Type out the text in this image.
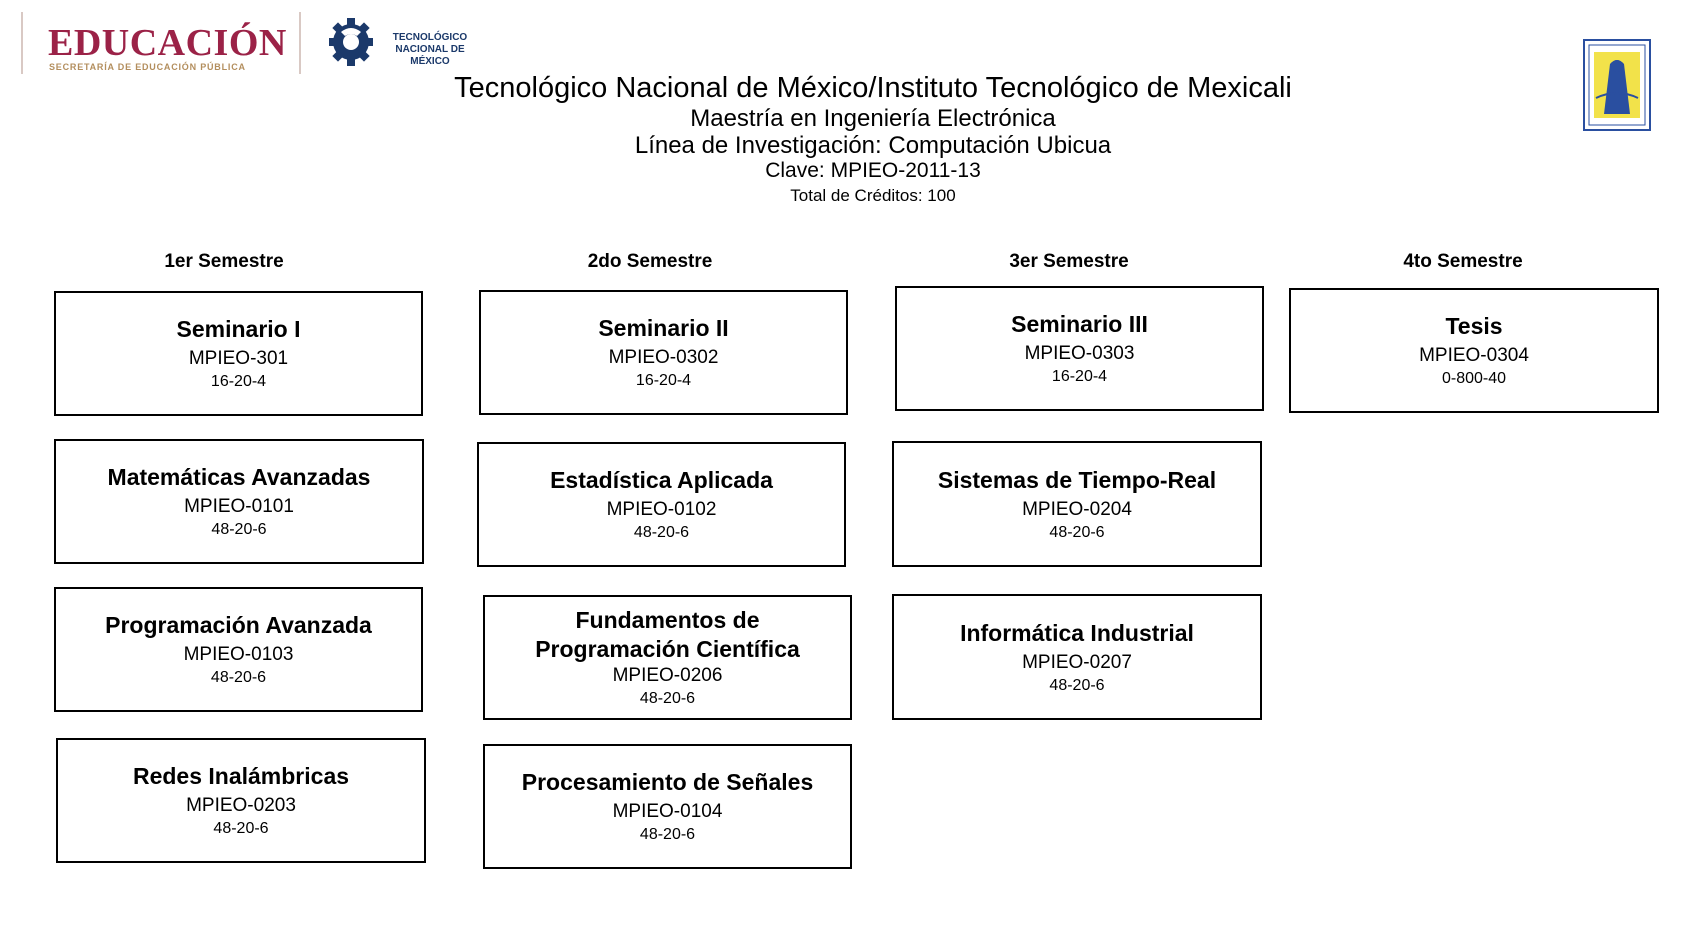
EDUCACIÓN
SECRETARÍA DE EDUCACIÓN PÚBLICA
TECNOLÓGICO
NACIONAL DE MÉXICO
Tecnológico Nacional de México/Instituto Tecnológico de Mexicali
Maestría en Ingeniería Electrónica
Línea de Investigación: Computación Ubicua
Clave: MPIEO-2011-13
Total de Créditos: 100
1er Semestre	2do Semestre	3er Semestre	4to Semestre
Seminario I
MPIEO-301
16-20-4
Matemáticas Avanzadas
MPIEO-0101
48-20-6
Programación Avanzada
MPIEO-0103
48-20-6
Redes Inalámbricas
MPIEO-0203
48-20-6
Seminario II
MPIEO-0302
16-20-4
Estadística Aplicada
MPIEO-0102
48-20-6
Fundamentos de Programación Científica
MPIEO-0206
48-20-6
Procesamiento de Señales
MPIEO-0104
48-20-6
Seminario III
MPIEO-0303
16-20-4
Sistemas de Tiempo-Real
MPIEO-0204
48-20-6
Informática Industrial
MPIEO-0207
48-20-6
Tesis
MPIEO-0304
0-800-40
